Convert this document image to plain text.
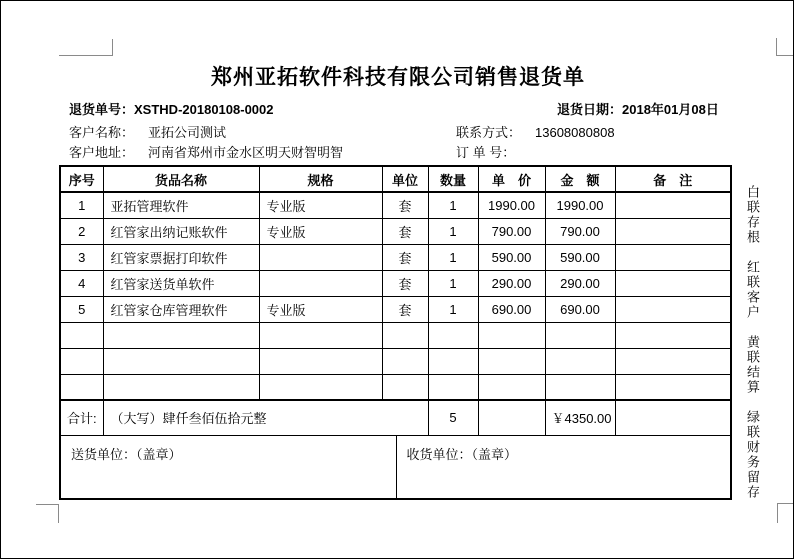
郑州亚拓软件科技有限公司销售退货单
退货单号：XSTHD-20180108-0002	退货日期：2018年01月08日
客户名称： 亚拓公司测试	联系方式： 13608080808
客户地址： 河南省郑州市金水区明天财智明智	订 单 号：
序号	货品名称	规格	单位	数量	单　价	金　额	备　注
1	亚拓管理软件	专业版	套	1	1990.00	1990.00	
2	红管家出纳记账软件	专业版	套	1	790.00	790.00	
3	红管家票据打印软件		套	1	590.00	590.00	
4	红管家送货单软件		套	1	290.00	290.00	
5	红管家仓库管理软件	专业版	套	1	690.00	690.00	

合计:	（大写）肆仟叁佰伍拾元整			5		￥4350.00	

送货单位：（盖章） 收货单位：（盖章）								白联存根　红联客户　黄联结算　绿联财务留存
